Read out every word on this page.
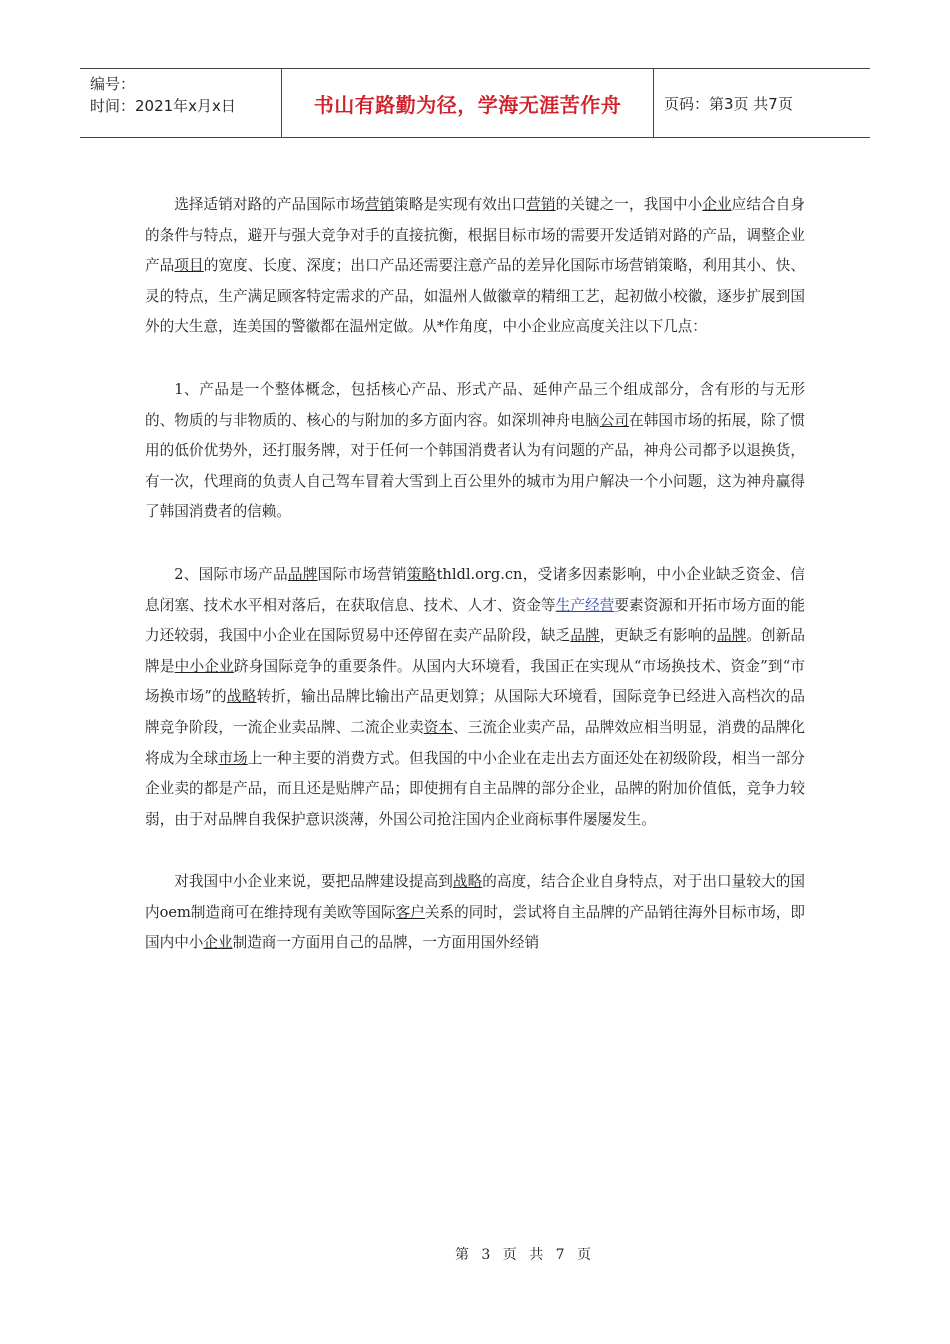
编号：
时间：2021年x月x日	书山有路勤为径，学海无涯苦作舟	页码：第3页 共7页

选择适销对路的产品国际市场营销策略是实现有效出口营销的关键之一，我国中小企业应结合自身的条件与特点，避开与强大竞争对手的直接抗衡，根据目标市场的需要开发适销对路的产品，调整企业产品项目的宽度、长度、深度；出口产品还需要注意产品的差异化国际市场营销策略，利用其小、快、灵的特点，生产满足顾客特定需求的产品，如温州人做徽章的精细工艺，起初做小校徽，逐步扩展到国外的大生意，连美国的警徽都在温州定做。从*作角度，中小企业应高度关注以下几点：

1、产品是一个整体概念，包括核心产品、形式产品、延伸产品三个组成部分，含有形的与无形的、物质的与非物质的、核心的与附加的多方面内容。如深圳神舟电脑公司在韩国市场的拓展，除了惯用的低价优势外，还打服务牌，对于任何一个韩国消费者认为有问题的产品，神舟公司都予以退换货，有一次，代理商的负责人自己驾车冒着大雪到上百公里外的城市为用户解决一个小问题，这为神舟赢得了韩国消费者的信赖。

2、国际市场产品品牌国际市场营销策略thldl.org.cn，受诸多因素影响，中小企业缺乏资金、信息闭塞、技术水平相对落后，在获取信息、技术、人才、资金等生产经营要素资源和开拓市场方面的能力还较弱，我国中小企业在国际贸易中还停留在卖产品阶段，缺乏品牌，更缺乏有影响的品牌。创新品牌是中小企业跻身国际竞争的重要条件。从国内大环境看，我国正在实现从“市场换技术、资金”到“市场换市场”的战略转折，输出品牌比输出产品更划算；从国际大环境看，国际竞争已经进入高档次的品牌竞争阶段，一流企业卖品牌、二流企业卖资本、三流企业卖产品，品牌效应相当明显，消费的品牌化将成为全球市场上一种主要的消费方式。但我国的中小企业在走出去方面还处在初级阶段，相当一部分企业卖的都是产品，而且还是贴牌产品；即使拥有自主品牌的部分企业，品牌的附加价值低，竞争力较弱，由于对品牌自我保护意识淡薄，外国公司抢注国内企业商标事件屡屡发生。

对我国中小企业来说，要把品牌建设提高到战略的高度，结合企业自身特点，对于出口量较大的国内oem制造商可在维持现有美欧等国际客户关系的同时，尝试将自主品牌的产品销往海外目标市场，即国内中小企业制造商一方面用自己的品牌，一方面用国外经销

第 3 页 共 7 页
